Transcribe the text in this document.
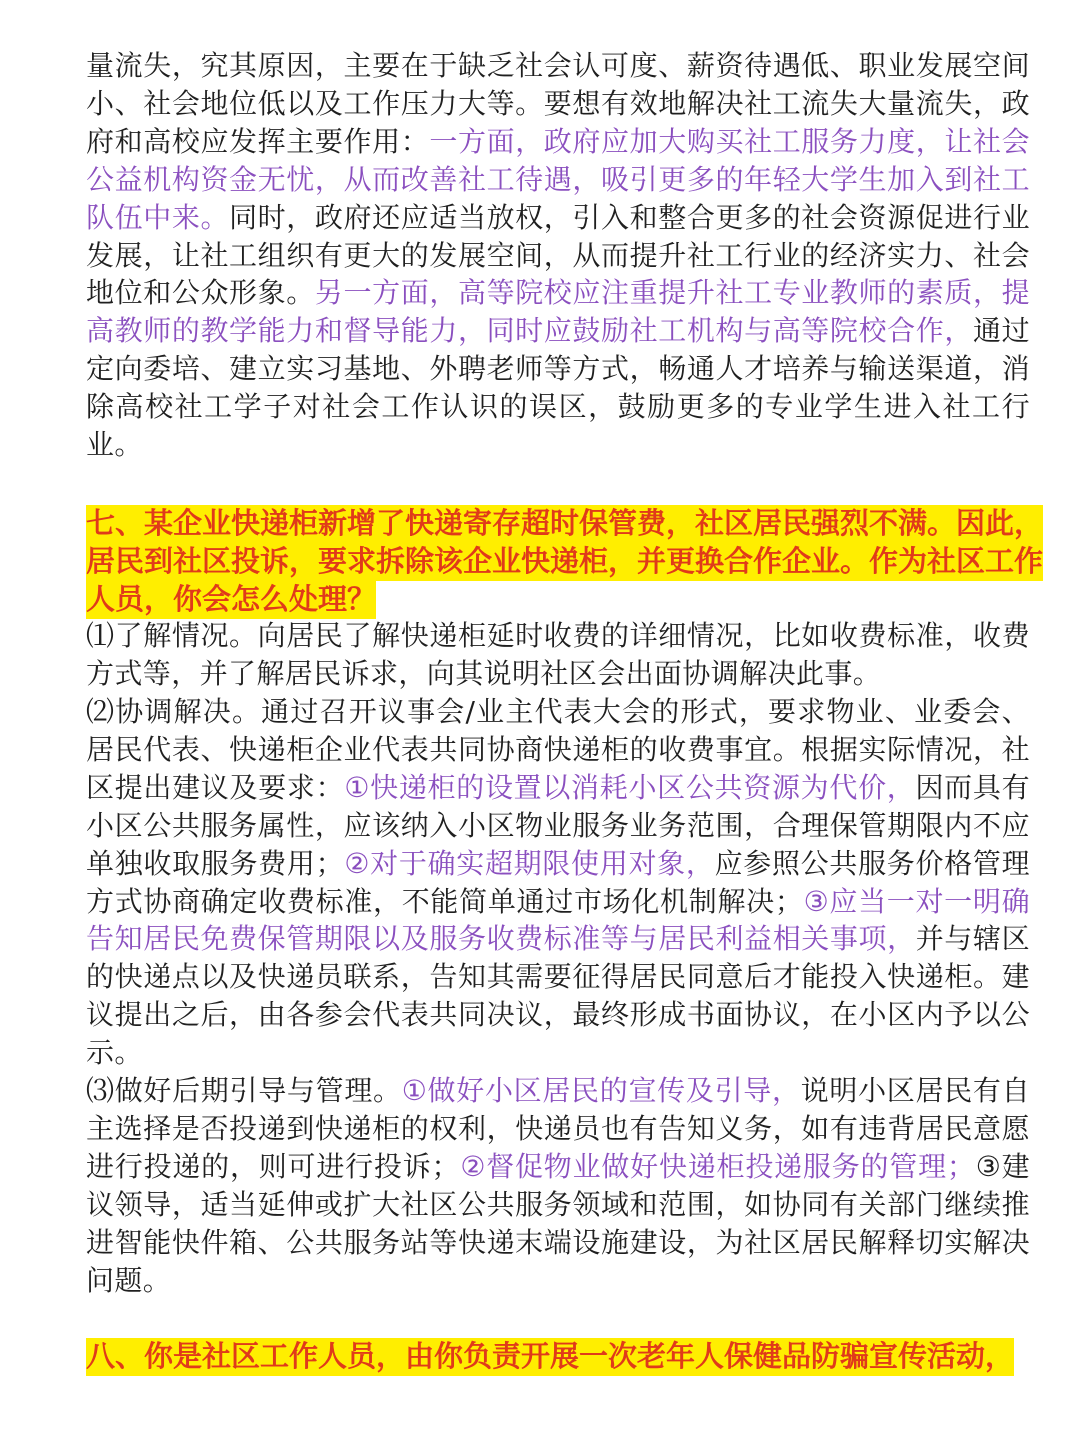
量流失，究其原因，主要在于缺乏社会认可度、薪资待遇低、职业发展空间小、社会地位低以及工作压力大等。要想有效地解决社工流失大量流失，政府和高校应发挥主要作用：一方面，政府应加大购买社工服务力度，让社会公益机构资金无忧，从而改善社工待遇，吸引更多的年轻大学生加入到社工队伍中来。同时，政府还应适当放权，引入和整合更多的社会资源促进行业发展，让社工组织有更大的发展空间，从而提升社工行业的经济实力、社会地位和公众形象。另一方面，高等院校应注重提升社工专业教师的素质，提高教师的教学能力和督导能力，同时应鼓励社工机构与高等院校合作，通过定向委培、建立实习基地、外聘老师等方式，畅通人才培养与输送渠道，消除高校社工学子对社会工作认识的误区，鼓励更多的专业学生进入社工行业。

七、某企业快递柜新增了快递寄存超时保管费，社区居民强烈不满。因此，居民到社区投诉，要求拆除该企业快递柜，并更换合作企业。作为社区工作人员，你会怎么处理？

⑴了解情况。向居民了解快递柜延时收费的详细情况，比如收费标准，收费方式等，并了解居民诉求，向其说明社区会出面协调解决此事。

⑵协调解决。通过召开议事会/业主代表大会的形式，要求物业、业委会、居民代表、快递柜企业代表共同协商快递柜的收费事宜。根据实际情况，社区提出建议及要求：①快递柜的设置以消耗小区公共资源为代价，因而具有小区公共服务属性，应该纳入小区物业服务业务范围，合理保管期限内不应单独收取服务费用；②对于确实超期限使用对象，应参照公共服务价格管理方式协商确定收费标准，不能简单通过市场化机制解决；③应当一对一明确告知居民免费保管期限以及服务收费标准等与居民利益相关事项，并与辖区的快递点以及快递员联系，告知其需要征得居民同意后才能投入快递柜。建议提出之后，由各参会代表共同决议，最终形成书面协议，在小区内予以公示。

⑶做好后期引导与管理。①做好小区居民的宣传及引导，说明小区居民有自主选择是否投递到快递柜的权利，快递员也有告知义务，如有违背居民意愿进行投递的，则可进行投诉；②督促物业做好快递柜投递服务的管理；③建议领导，适当延伸或扩大社区公共服务领域和范围，如协同有关部门继续推进智能快件箱、公共服务站等快递末端设施建设，为社区居民解释切实解决问题。

八、你是社区工作人员，由你负责开展一次老年人保健品防骗宣传活动，
